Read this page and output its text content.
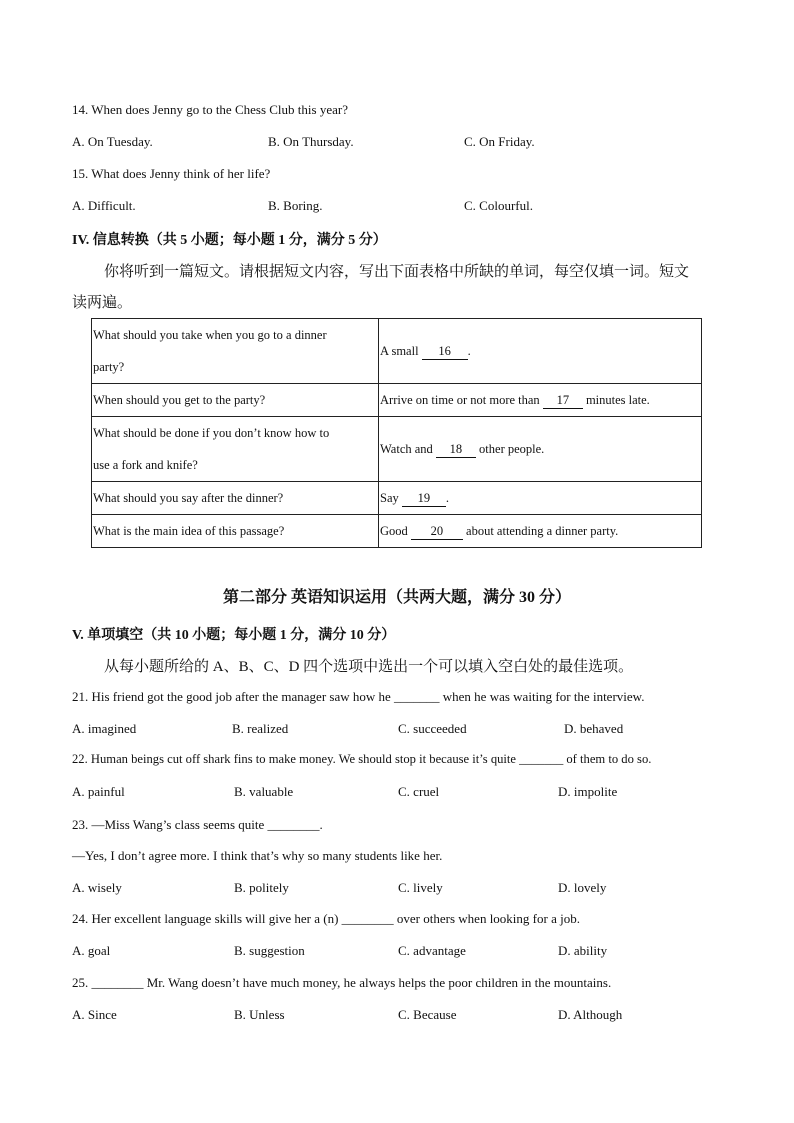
14. When does Jenny go to the Chess Club this year?
A. On Tuesday.	B. On Thursday.	C. On Friday.
15. What does Jenny think of her life?
A. Difficult.	B. Boring.	C. Colourful.
IV. 信息转换（共 5 小题；每小题 1 分，满分 5 分）
你将听到一篇短文。请根据短文内容，写出下面表格中所缺的单词，每空仅填一词。短文
读两遍。
What should you take when you go to a dinner
party?	A small 16 .
When should you get to the party?	Arrive on time or not more than 17 minutes late.
What should be done if you don’t know how to
use a fork and knife?	Watch and 18 other people.
What should you say after the dinner?	Say 19 .
What is the main idea of this passage?	Good 20 about attending a dinner party.
第二部分 英语知识运用（共两大题，满分 30 分）
V. 单项填空（共 10 小题；每小题 1 分，满分 10 分）
从每小题所给的 A、B、C、D 四个选项中选出一个可以填入空白处的最佳选项。
21. His friend got the good job after the manager saw how he _______ when he was waiting for the interview.
A. imagined	B. realized	C. succeeded	D. behaved
22. Human beings cut off shark fins to make money. We should stop it because it’s quite _______ of them to do so.
A. painful	B. valuable	C. cruel	D. impolite
23. —Miss Wang’s class seems quite ________.
—Yes, I don’t agree more. I think that’s why so many students like her.
A. wisely	B. politely	C. lively	D. lovely
24. Her excellent language skills will give her a (n) ________ over others when looking for a job.
A. goal	B. suggestion	C. advantage	D. ability
25. ________ Mr. Wang doesn’t have much money, he always helps the poor children in the mountains.
A. Since	B. Unless	C. Because	D. Although
